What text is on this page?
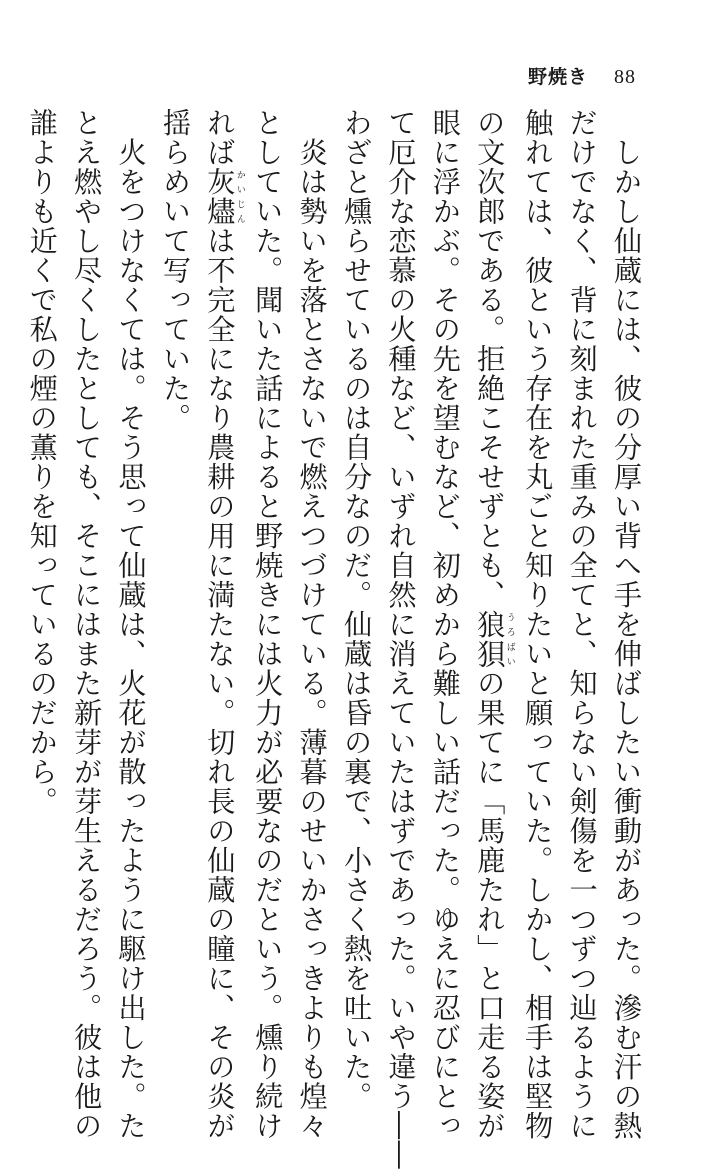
野焼き 88
　しかし仙蔵には、彼の分厚い背へ手を伸ばしたい衝動があった。滲む汗の熱
だけでなく、背に刻まれた重みの全てと、知らない剣傷を一つずつ辿るように
触れては、彼という存在を丸ごと知りたいと願っていた。しかし、相手は堅物
の文次郎である。拒絶こそせずとも、狼狽うろばいの果てに「馬鹿たれ」と口走る姿が
眼に浮かぶ。その先を望むなど、初めから難しい話だった。ゆえに忍びにとっ
て厄介な恋慕の火種など、いずれ自然に消えていたはずであった。いや違う――
わざと燻らせているのは自分なのだ。仙蔵は昏の裏で、小さく熱を吐いた。
　炎は勢いを落とさないで燃えつづけている。薄暮のせいかさっきよりも煌々
としていた。聞いた話によると野焼きには火力が必要なのだという。燻り続け
れば灰燼かいじんは不完全になり農耕の用に満たない。切れ長の仙蔵の瞳に、その炎が
揺らめいて写っていた。
　火をつけなくては。そう思って仙蔵は、火花が散ったように駆け出した。た
とえ燃やし尽くしたとしても、そこにはまた新芽が芽生えるだろう。彼は他の
誰よりも近くで私の煙の薫りを知っているのだから。
